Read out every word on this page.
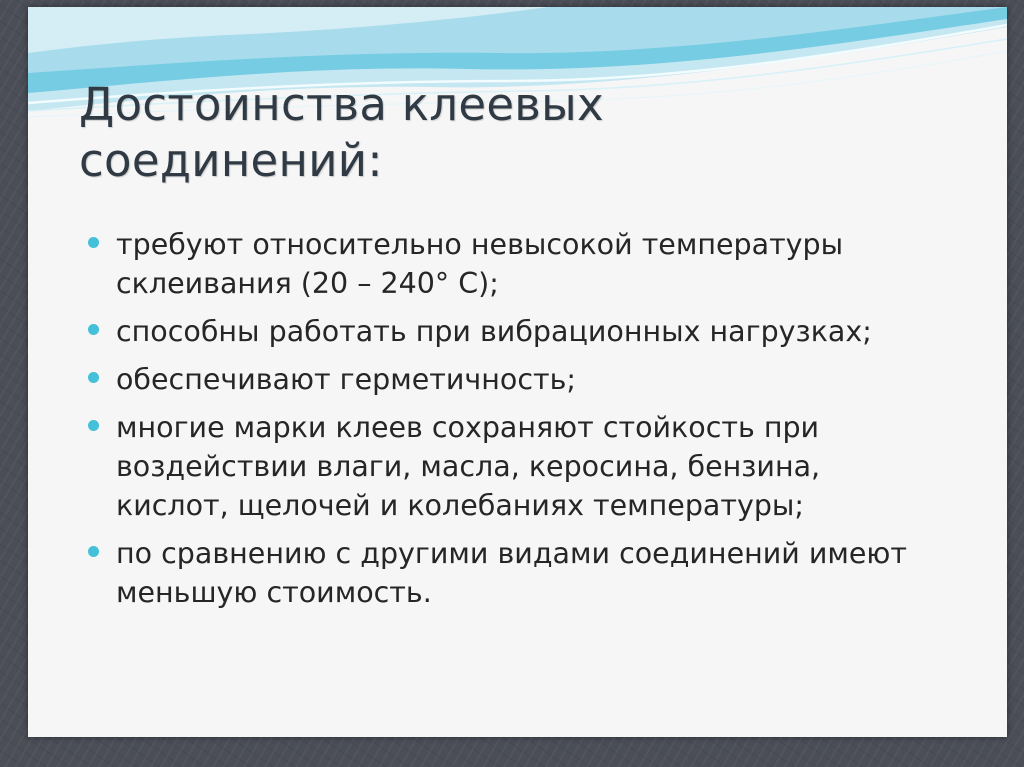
Достоинства клеевых соединений:
требуют относительно невысокой температуры склеивания (20 – 240° С);
способны работать при вибрационных нагрузках;
обеспечивают герметичность;
многие марки клеев сохраняют стойкость при воздействии влаги, масла, керосина, бензина, кислот, щелочей и колебаниях температуры;
по сравнению с другими видами соединений имеют меньшую стоимость.
